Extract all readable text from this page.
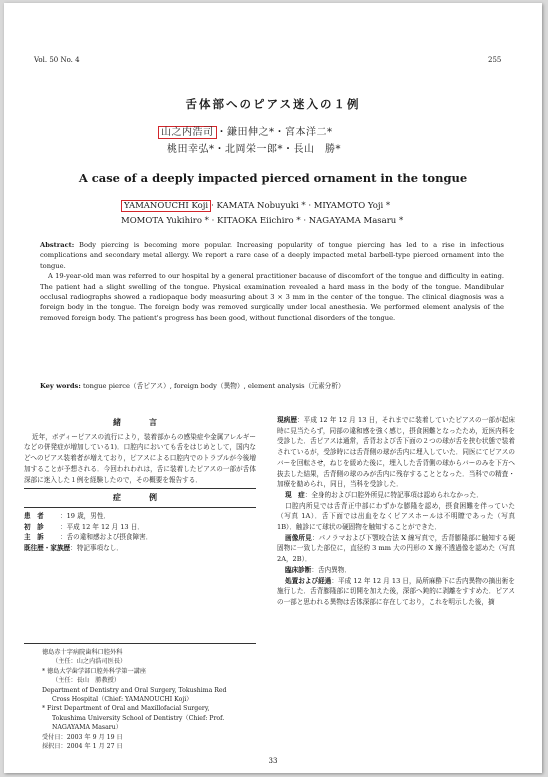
Vol. 50 No. 4	255
舌体部へのピアス迷入の１例
山之内浩司 ・鎌田伸之*・宮本洋二*
桃田幸弘*・北岡栄一郎*・長山　勝*
A case of a deeply impacted pierced ornament in the tongue
YAMANOUCHI Koji · KAMATA Nobuyuki * · MIYAMOTO Yoji *
MOMOTA Yukihiro * · KITAOKA Eiichiro * · NAGAYAMA Masaru *

Abstract: Body piercing is becoming more popular. Increasing popularity of tongue piercing has led to a rise in infectious complications and secondary metal allergy. We report a rare case of a deeply impacted metal barbell-type pierced ornament into the tongue.

A 19-year-old man was referred to our hospital by a general practitioner bacause of discomfort of the tongue and difficulty in eating. The patient had a slight swelling of the tongue. Physical examination revealed a hard mass in the body of the tongue. Mandibular occlusal radiographs showed a radiopaque body measuring about 3 × 3 mm in the center of the tongue. The clinical diagnosis was a foreign body in the tongue. The foreign body was removed surgically under local anesthesia. We performed element analysis of the removed foreign body. The patient's progress has been good, without functional disorders of the tongue.

Key words: tongue pierce（舌ピアス）, foreign body（異物）, element analysis（元素分析）
緒　言

近年，ボディーピアスの流行により，装着部からの感染症や金属アレルギーなどの併発症が増加している1)．口腔内においても舌をはじめとして，国内などへのピアス装着者が増えており，ピアスによる口腔内でのトラブルが今後増加することが予想される．今回われわれは，舌に装着したピアスの一部が舌体深部に迷入した１例を経験したので，その概要を報告する．

症　例
患　者 ：19 歳，男性．
初　診 ：平成 12 年 12 月 13 日．
主　訴 ：舌の違和感および摂食障害．
既往歴・家族歴：特記事項なし．
徳島赤十字病院歯科口腔外科
（主任：山之内浩司医長）
* 徳島大学歯学部口腔外科学第一講座
（主任：長山　勝教授）
Department of Dentistry and Oral Surgery, Tokushima Red
Cross Hospital（Chief: YAMANOUCHI Koji）
* First Department of Oral and Maxillofacial Surgery,
Tokushima University School of Dentistry（Chief: Prof.
NAGAYAMA Masaru）
受付日：2003 年 9 月 19 日
採択日：2004 年 1 月 27 日

現病歴：平成 12 年 12 月 13 日，それまでに装着していたピアスの一部が起床時に見当たらず，同部の違和感を強く感じ，摂食困難となったため，近医内科を受診した．舌ピアスは通常，舌背および舌下面の２つの球が舌を挟む状態で装着されているが，受診時には舌背側の球が舌内に埋入していた．同医にてピアスのバーを回転させ，ねじを緩めた後に，埋入した舌背側の球からバーのみを下方へ抜去した結果，舌背側の球のみが舌内に残存することとなった．当科での精査・加療を勧められ，同日，当科を受診した．

現　症：全身的および口腔外所見に特記事項は認められなかった．

口腔内所見では舌背正中部にわずかな膨隆を認め，摂食困難を伴っていた（写真 1A）．舌下面では出血をなくピアスホールは不明瞭であった（写真 1B）．触診にて球状の硬固物を触知することができた．

画像所見：パノラマおよび下顎咬合法 X 線写真で，舌背膨隆部に触知する硬固物に一致した部位に，直径約 3 mm 大の円形の X 線不透過像を認めた（写真 2A，2B）．

臨床診断：舌内異物．

処置および経過：平成 12 年 12 月 13 日，局所麻酔下に舌内異物の摘出術を施行した．舌背膨隆部に切開を加えた後，深部へ鈍的に剥離をすすめた．ピアスの一部と思われる異物は舌体深部に存在しており，これを明示した後，摘

33
